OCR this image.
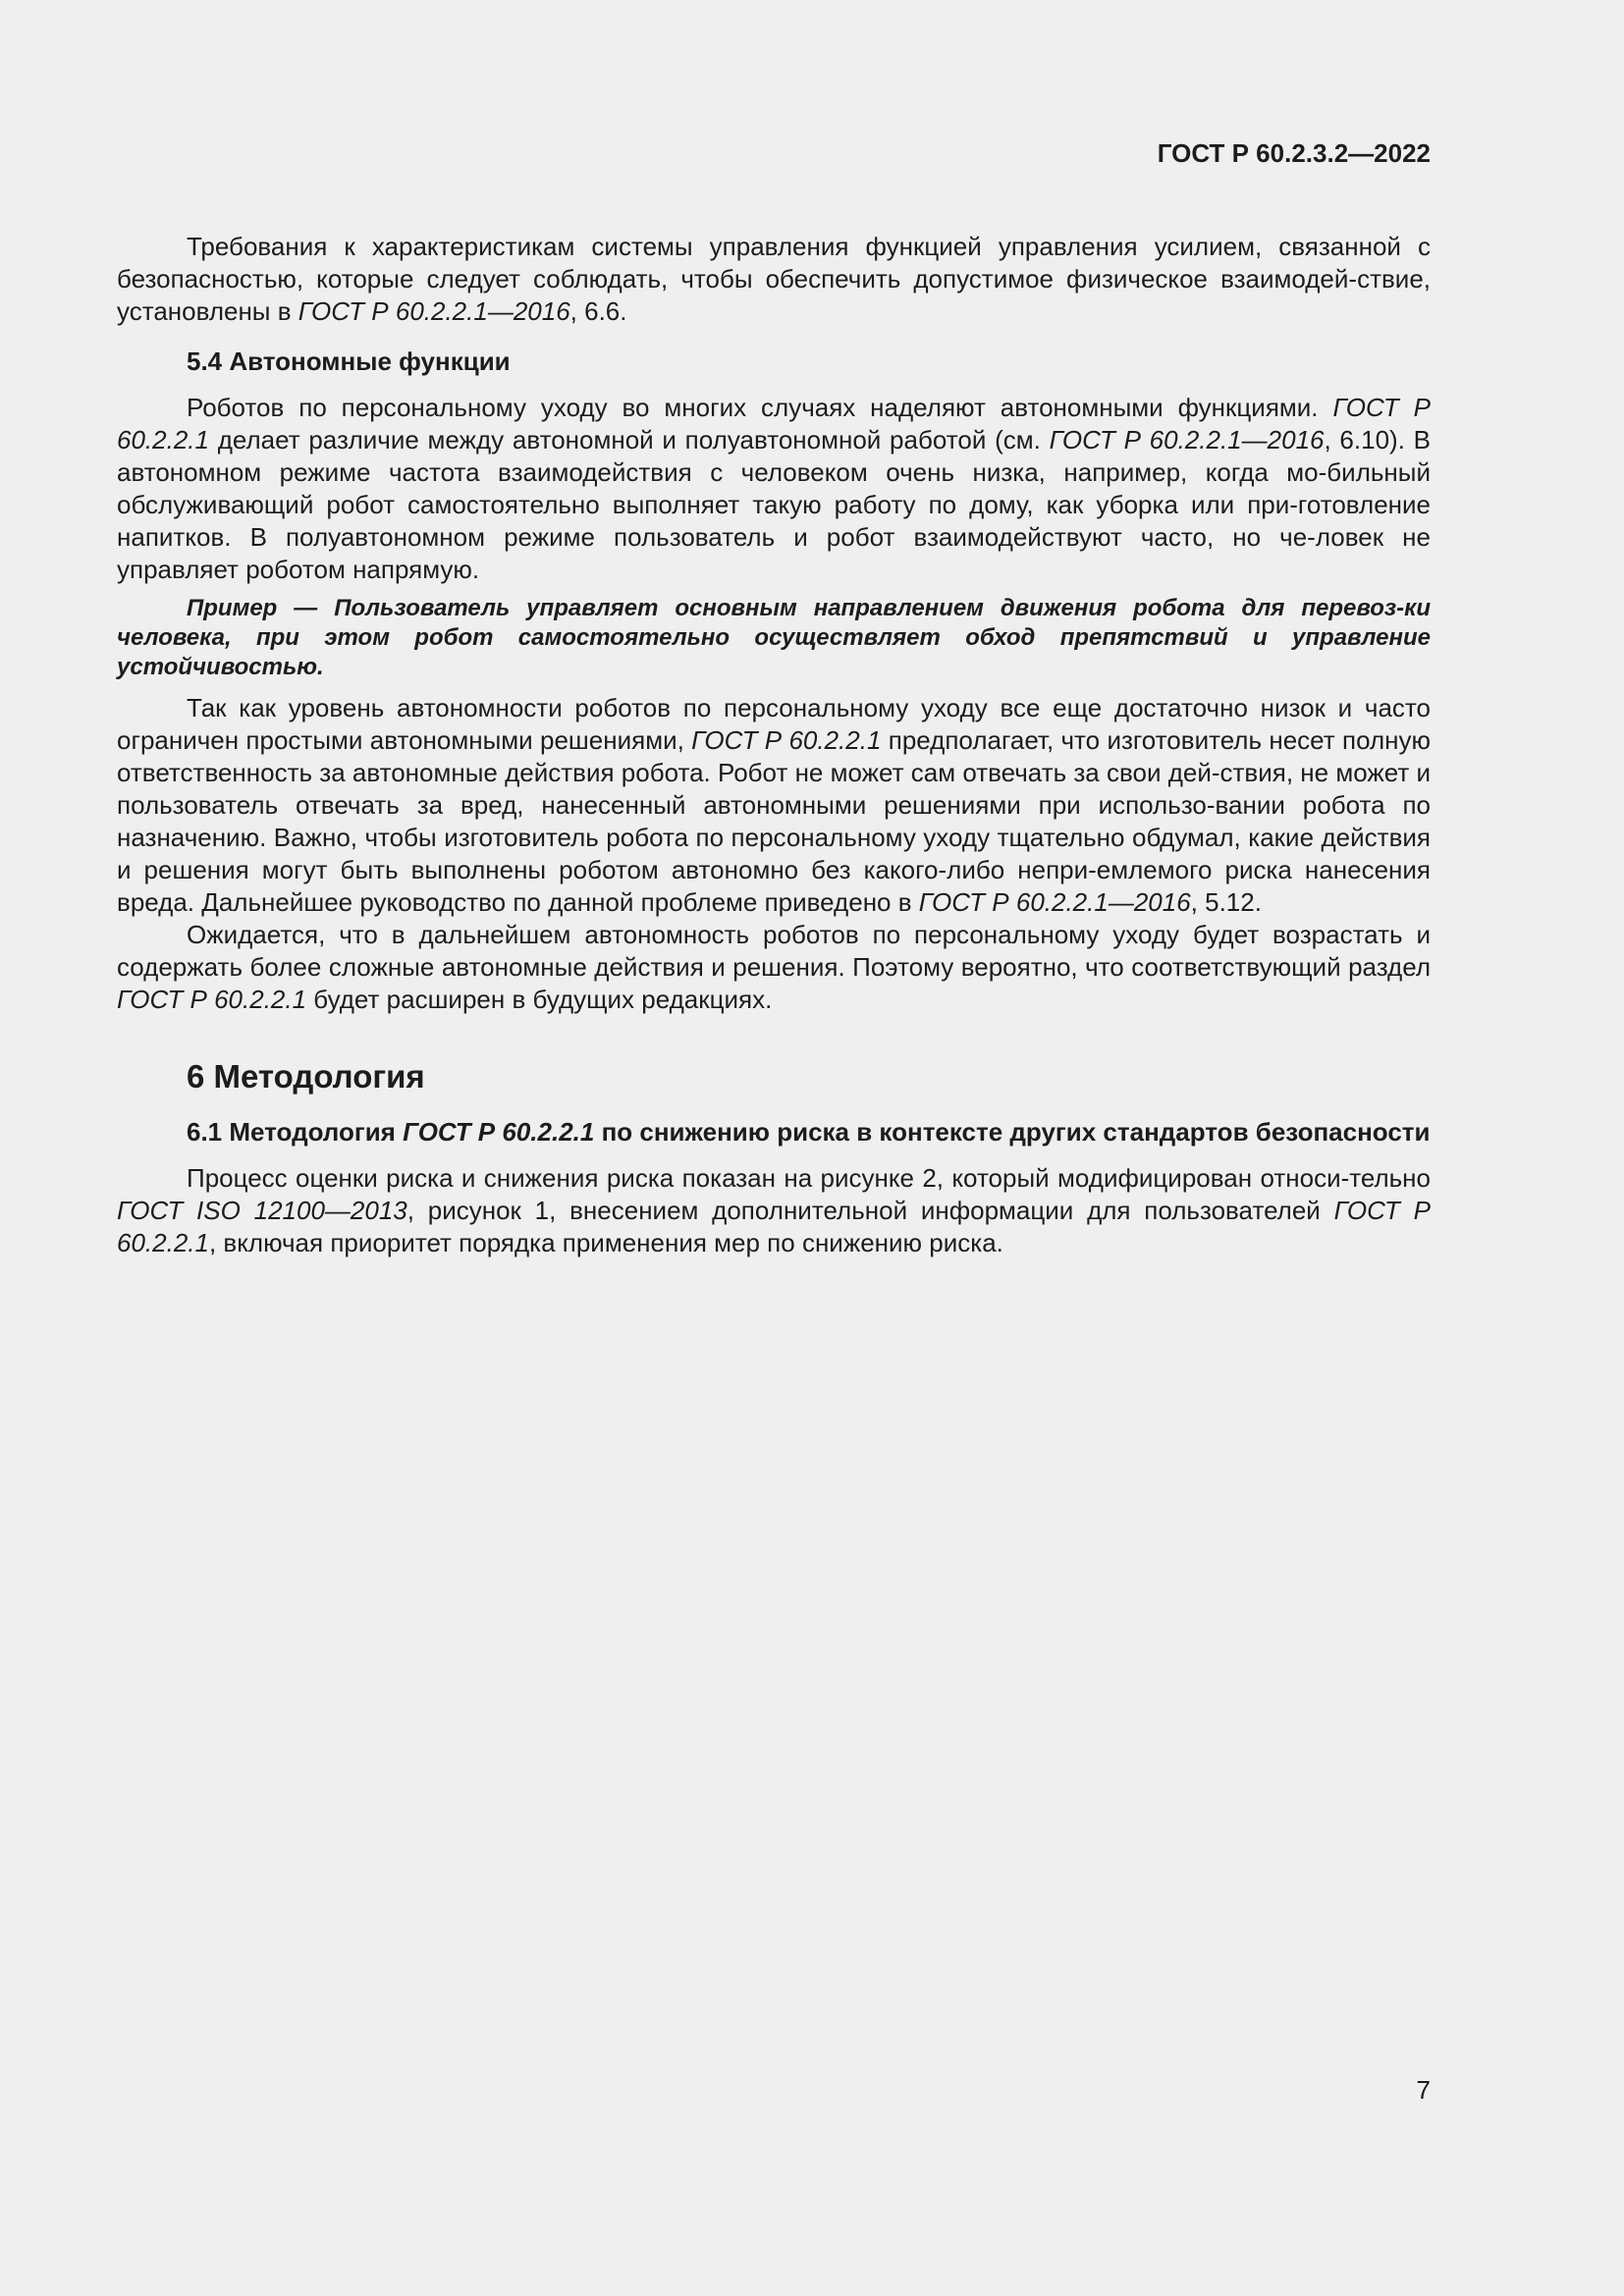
ГОСТ Р 60.2.3.2—2022

Требования к характеристикам системы управления функцией управления усилием, связанной с безопасностью, которые следует соблюдать, чтобы обеспечить допустимое физическое взаимодей-ствие, установлены в ГОСТ Р 60.2.2.1—2016, 6.6.

5.4 Автономные функции

Роботов по персональному уходу во многих случаях наделяют автономными функциями. ГОСТ Р 60.2.2.1 делает различие между автономной и полуавтономной работой (см. ГОСТ Р 60.2.2.1—2016, 6.10). В автономном режиме частота взаимодействия с человеком очень низка, например, когда мо-бильный обслуживающий робот самостоятельно выполняет такую работу по дому, как уборка или при-готовление напитков. В полуавтономном режиме пользователь и робот взаимодействуют часто, но че-ловек не управляет роботом напрямую.

Пример — Пользователь управляет основным направлением движения робота для перевоз-ки человека, при этом робот самостоятельно осуществляет обход препятствий и управление устойчивостью.

Так как уровень автономности роботов по персональному уходу все еще достаточно низок и часто ограничен простыми автономными решениями, ГОСТ Р 60.2.2.1 предполагает, что изготовитель несет полную ответственность за автономные действия робота. Робот не может сам отвечать за свои дей-ствия, не может и пользователь отвечать за вред, нанесенный автономными решениями при использо-вании робота по назначению. Важно, чтобы изготовитель робота по персональному уходу тщательно обдумал, какие действия и решения могут быть выполнены роботом автономно без какого-либо непри-емлемого риска нанесения вреда. Дальнейшее руководство по данной проблеме приведено в ГОСТ Р 60.2.2.1—2016, 5.12.

Ожидается, что в дальнейшем автономность роботов по персональному уходу будет возрастать и содержать более сложные автономные действия и решения. Поэтому вероятно, что соответствующий раздел ГОСТ Р 60.2.2.1 будет расширен в будущих редакциях.

6 Методология
6.1 Методология ГОСТ Р 60.2.2.1 по снижению риска в контексте других стандартов безопасности

Процесс оценки риска и снижения риска показан на рисунке 2, который модифицирован относи-тельно ГОСТ ISO 12100—2013, рисунок 1, внесением дополнительной информации для пользователей ГОСТ Р 60.2.2.1, включая приоритет порядка применения мер по снижению риска.

7
